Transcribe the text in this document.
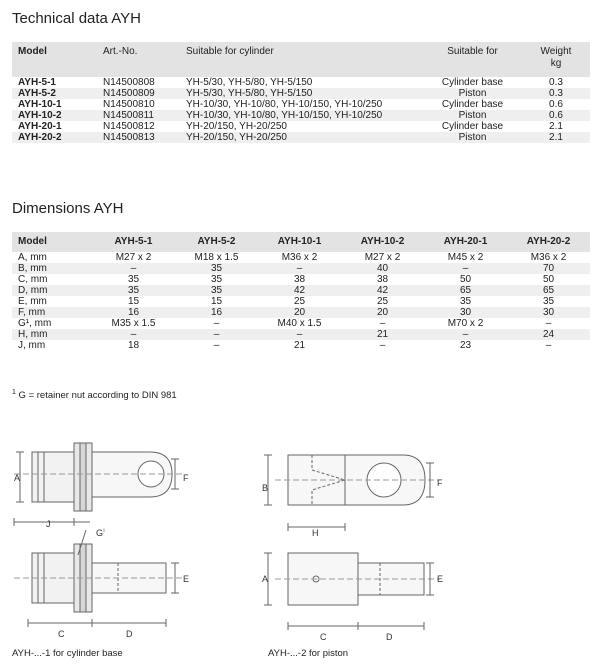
Technical data AYH
Model	Art.-No.	Suitable for cylinder	Suitable for	Weight
kg
AYH-5-1	N14500808	YH-5/30, YH-5/80, YH-5/150	Cylinder base	0.3
AYH-5-2	N14500809	YH-5/30, YH-5/80, YH-5/150	Piston	0.3
AYH-10-1	N14500810	YH-10/30, YH-10/80, YH-10/150, YH-10/250	Cylinder base	0.6
AYH-10-2	N14500811	YH-10/30, YH-10/80, YH-10/150, YH-10/250	Piston	0.6
AYH-20-1	N14500812	YH-20/150, YH-20/250	Cylinder base	2.1
AYH-20-2	N14500813	YH-20/150, YH-20/250	Piston	2.1
Dimensions AYH
Model	AYH-5-1	AYH-5-2	AYH-10-1	AYH-10-2	AYH-20-1	AYH-20-2
A, mm	M27 x 2	M18 x 1.5	M36 x 2	M27 x 2	M45 x 2	M36 x 2
B, mm	–	35	–	40	–	70
C, mm	35	35	38	38	50	50
D, mm	35	35	42	42	65	65
E, mm	15	15	25	25	35	35
F, mm	16	16	20	20	30	30
G¹, mm	M35 x 1.5	–	M40 x 1.5	–	M70 x 2	–
H, mm	–	–	–	21	–	24
J, mm	18	–	21	–	23	–
$^1$ G = retainer nut according to DIN 981
A	F
J
$G^{^1}$
E
C	D
B	F
H
A	E
C	D
AYH-...-1 for cylinder base	AYH-...-2 for piston
